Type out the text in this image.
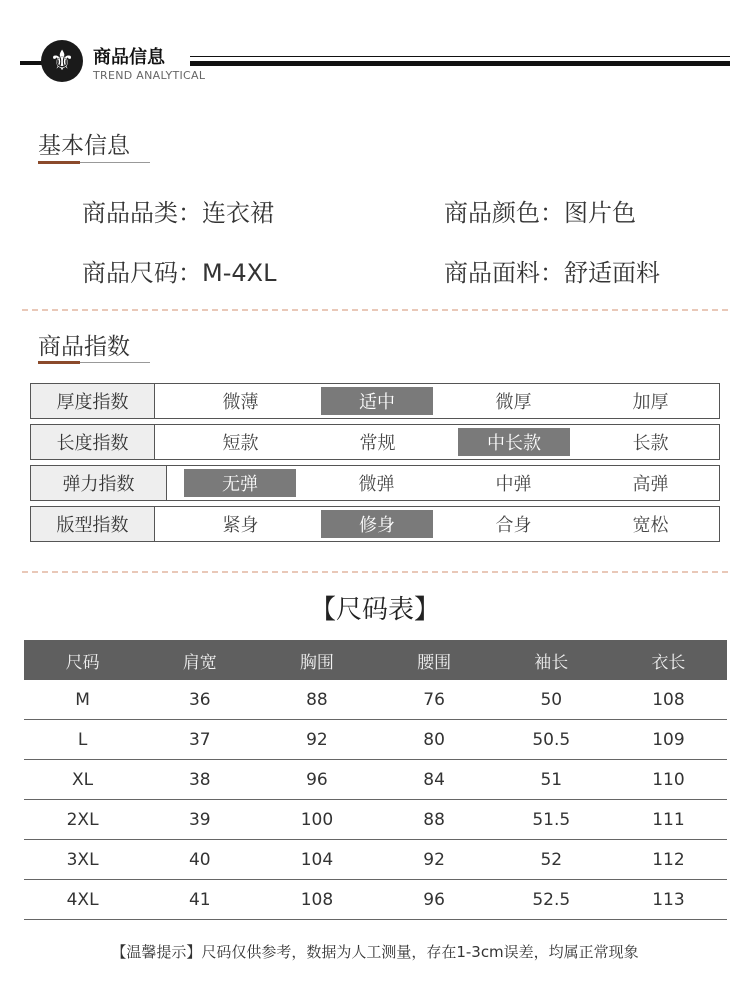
⚜	商品信息
TREND ANALYTICAL
基本信息
商品品类：连衣裙	商品颜色：图片色
商品尺码：M-4XL	商品面料：舒适面料
商品指数
厚度指数	微薄	适中	微厚	加厚
长度指数	短款	常规	中长款	长款
弹力指数	无弹	微弹	中弹	高弹
版型指数	紧身	修身	合身	宽松
【尺码表】
尺码	肩宽	胸围	腰围	袖长	衣长
M	36	88	76	50	108
L	37	92	80	50.5	109
XL	38	96	84	51	110
2XL	39	100	88	51.5	111
3XL	40	104	92	52	112
4XL	41	108	96	52.5	113
【温馨提示】尺码仅供参考，数据为人工测量，存在1-3cm误差，均属正常现象
